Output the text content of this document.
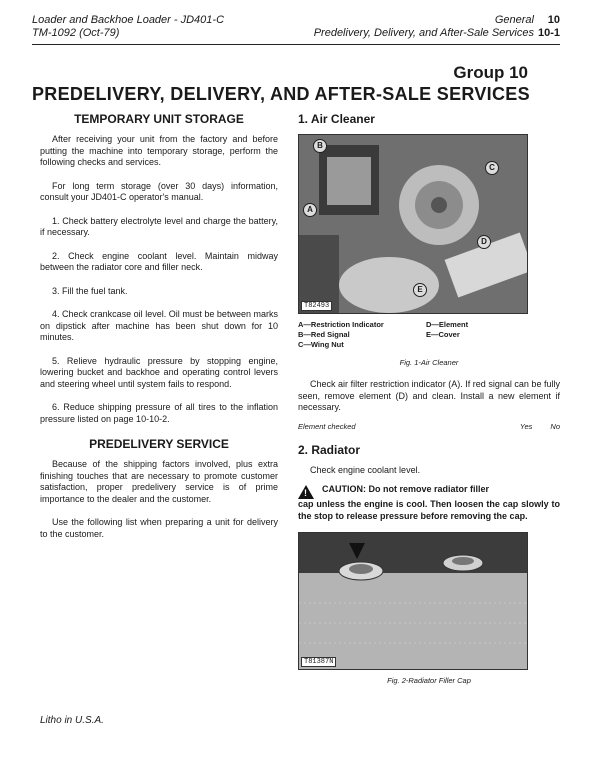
Loader and Backhoe Loader - JD401-C
TM-1092 (Oct-79)
General 10
Predelivery, Delivery, and After-Sale Services 10-1
Group 10
PREDELIVERY, DELIVERY, AND AFTER-SALE SERVICES
TEMPORARY UNIT STORAGE

After receiving your unit from the factory and before putting the machine into temporary storage, perform the following checks and services.

For long term storage (over 30 days) information, consult your JD401-C operator's manual.

1. Check battery electrolyte level and charge the battery, if necessary.

2. Check engine coolant level. Maintain midway between the radiator core and filler neck.

3. Fill the fuel tank.

4. Check crankcase oil level. Oil must be between marks on dipstick after machine has been shut down for 10 minutes.

5. Relieve hydraulic pressure by stopping engine, lowering bucket and backhoe and operating control levers and steering wheel until system fails to respond.

6. Reduce shipping pressure of all tires to the inflation pressure listed on page 10-10-2.

PREDELIVERY SERVICE

Because of the shipping factors involved, plus extra finishing touches that are necessary to promote customer satisfaction, proper predelivery service is of prime importance to the dealer and the customer.

Use the following list when preparing a unit for delivery to the customer.

1. Air Cleaner
B
C
A
D
E
T82493
A—Restriction Indicator
B—Red Signal
C—Wing Nut
D—Element
E—Cover
Fig. 1-Air Cleaner

Check air filter restriction indicator (A). If red signal can be fully seen, remove element (D) and clean. Install a new element if necessary.

Element checked	Yes No
2. Radiator

Check engine coolant level.

!
CAUTION: Do not remove radiator filler
cap unless the engine is cool. Then loosen the cap slowly to the stop to release pressure before removing the cap.
T81387N
Fig. 2-Radiator Filler Cap
Litho in U.S.A.
